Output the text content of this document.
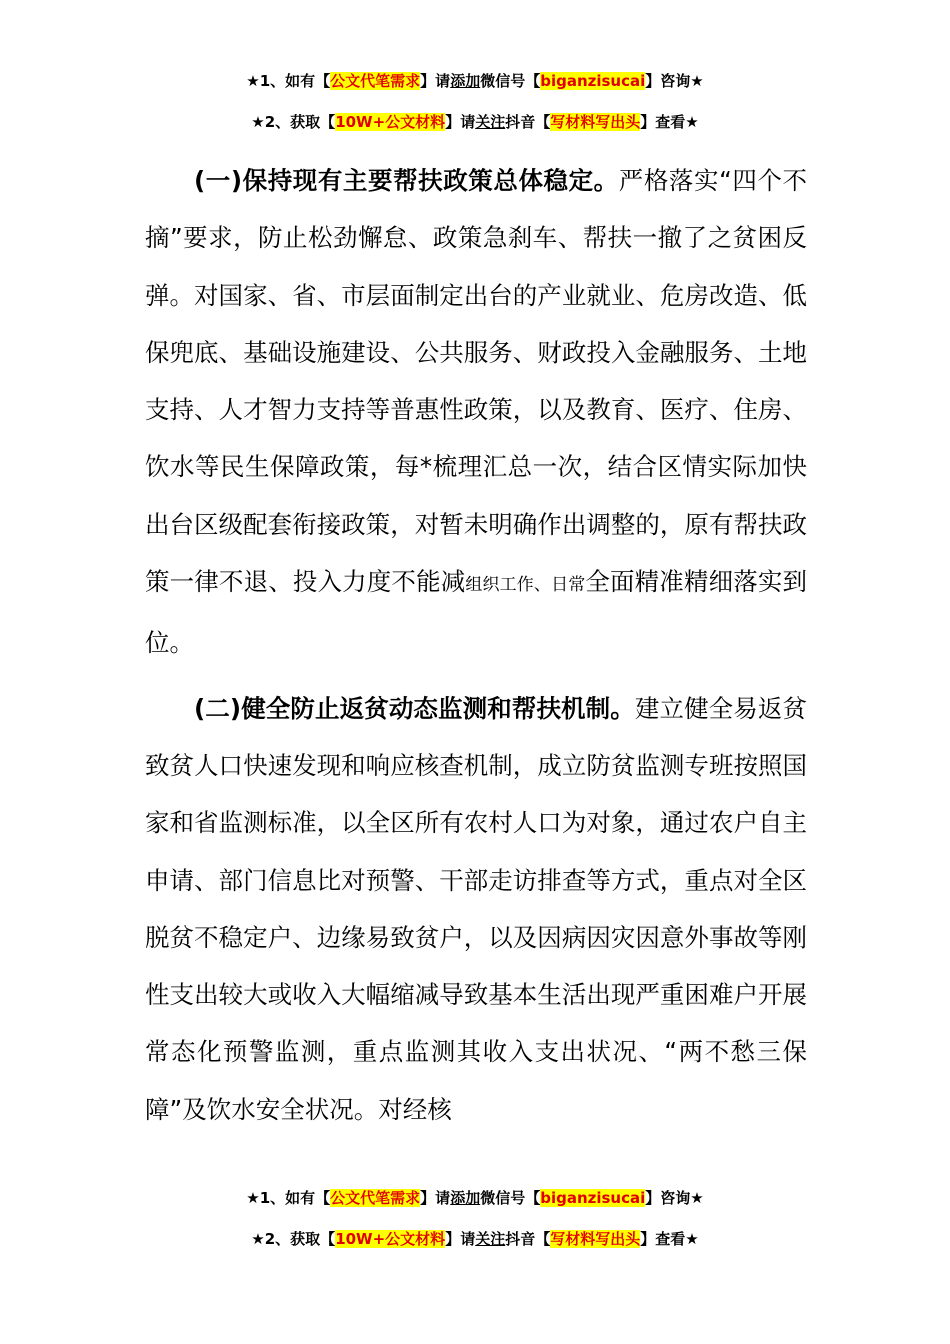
★1、如有【公文代笔需求】请添加微信号【biganzisucai】咨询★
★2、获取【10W+公文材料】请关注抖音【写材料写出头】查看★

(一)保持现有主要帮扶政策总体稳定。严格落实“四个不摘”要求，防止松劲懈怠、政策急刹车、帮扶一撤了之贫困反弹。对国家、省、市层面制定出台的产业就业、危房改造、低保兜底、基础设施建设、公共服务、财政投入金融服务、土地支持、人才智力支持等普惠性政策，以及教育、医疗、住房、饮水等民生保障政策，每*梳理汇总一次，结合区情实际加快出台区级配套衔接政策，对暂未明确作出调整的，原有帮扶政策一律不退、投入力度不能减组织工作、日常全面精准精细落实到位。

(二)健全防止返贫动态监测和帮扶机制。建立健全易返贫致贫人口快速发现和响应核查机制，成立防贫监测专班按照国家和省监测标准，以全区所有农村人口为对象，通过农户自主申请、部门信息比对预警、干部走访排查等方式，重点对全区脱贫不稳定户、边缘易致贫户，以及因病因灾因意外事故等刚性支出较大或收入大幅缩减导致基本生活出现严重困难户开展常态化预警监测，重点监测其收入支出状况、“两不愁三保障”及饮水安全状况。对经核

★1、如有【公文代笔需求】请添加微信号【biganzisucai】咨询★
★2、获取【10W+公文材料】请关注抖音【写材料写出头】查看★
